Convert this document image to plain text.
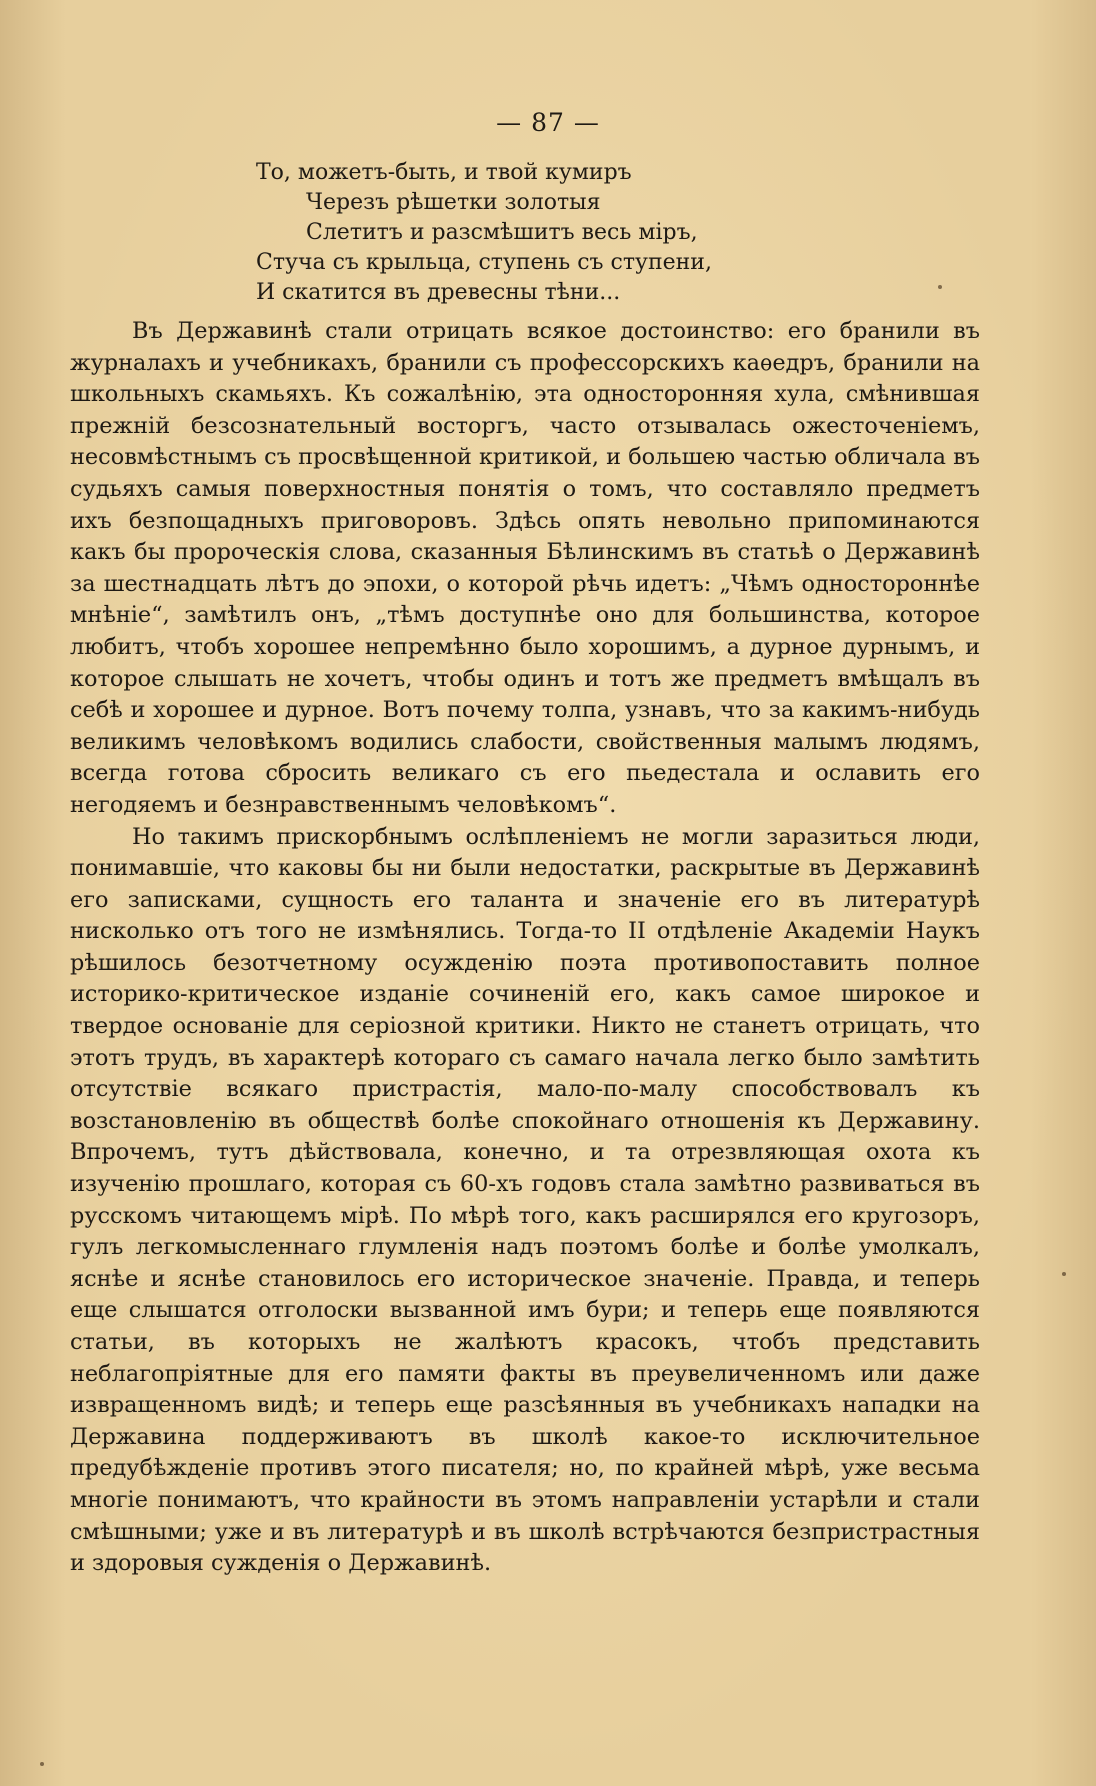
— 87 —
То, можетъ-быть, и твой кумиръ
Черезъ рѣшетки золотыя
Слетитъ и разсмѣшитъ весь міръ,
Стуча съ крыльца, ступень съ ступени,
И скатится въ древесны тѣни...

Въ Державинѣ стали отрицать всякое достоинство: его бранили въ журналахъ и учебникахъ, бранили съ профессорскихъ каѳедръ, бранили на школьныхъ скамьяхъ. Къ сожалѣнію, эта односторонняя хула, смѣнившая прежній безсознательный восторгъ, часто отзывалась ожесточеніемъ, несовмѣстнымъ съ просвѣщенной критикой, и большею частью обличала въ судьяхъ самыя поверхностныя понятія о томъ, что составляло предметъ ихъ безпощадныхъ приговоровъ. Здѣсь опять невольно припоминаются какъ бы пророческія слова, сказанныя Бѣлинскимъ въ статьѣ о Державинѣ за шестнадцать лѣтъ до эпохи, о которой рѣчь идетъ: „Чѣмъ одностороннѣе мнѣніе“, замѣтилъ онъ, „тѣмъ доступнѣе оно для большинства, которое любитъ, чтобъ хорошее непремѣнно было хорошимъ, а дурное дурнымъ, и которое слышать не хочетъ, чтобы одинъ и тотъ же предметъ вмѣщалъ въ себѣ и хорошее и дурное. Вотъ почему толпа, узнавъ, что за какимъ-нибудь великимъ человѣкомъ водились слабости, свойственныя малымъ людямъ, всегда готова сбросить великаго съ его пьедестала и ославить его негодяемъ и безнравственнымъ человѣкомъ“.

Но такимъ прискорбнымъ ослѣпленіемъ не могли заразиться люди, понимавшіе, что каковы бы ни были недостатки, раскрытые въ Державинѣ его записками, сущность его таланта и значеніе его въ литературѣ нисколько отъ того не измѣнялись. Тогда-то II отдѣленіе Академіи Наукъ рѣшилось безотчетному осужденію поэта противопоставить полное историко-критическое изданіе сочиненій его, какъ самое широкое и твердое основаніе для серіозной критики. Никто не станетъ отрицать, что этотъ трудъ, въ характерѣ котораго съ самаго начала легко было замѣтить отсутствіе всякаго пристрастія, мало-по-малу способствовалъ къ возстановленію въ обществѣ болѣе спокойнаго отношенія къ Державину. Впрочемъ, тутъ дѣйствовала, конечно, и та отрезвляющая охота къ изученію прошлаго, которая съ 60-хъ годовъ стала замѣтно развиваться въ русскомъ читающемъ мірѣ. По мѣрѣ того, какъ расширялся его кругозоръ, гулъ легкомысленнаго глумленія надъ поэтомъ болѣе и болѣе умолкалъ, яснѣе и яснѣе становилось его историческое значеніе. Правда, и теперь еще слышатся отголоски вызванной имъ бури; и теперь еще появляются статьи, въ которыхъ не жалѣютъ красокъ, чтобъ представить неблагопріятные для его памяти факты въ преувеличенномъ или даже извращенномъ видѣ; и теперь еще разсѣянныя въ учебникахъ нападки на Державина поддерживаютъ въ школѣ какое-то исключительное предубѣжденіе противъ этого писателя; но, по крайней мѣрѣ, уже весьма многіе понимаютъ, что крайности въ этомъ направленіи устарѣли и стали смѣшными; уже и въ литературѣ и въ школѣ встрѣчаются безпристрастныя и здоровыя сужденія о Державинѣ.
